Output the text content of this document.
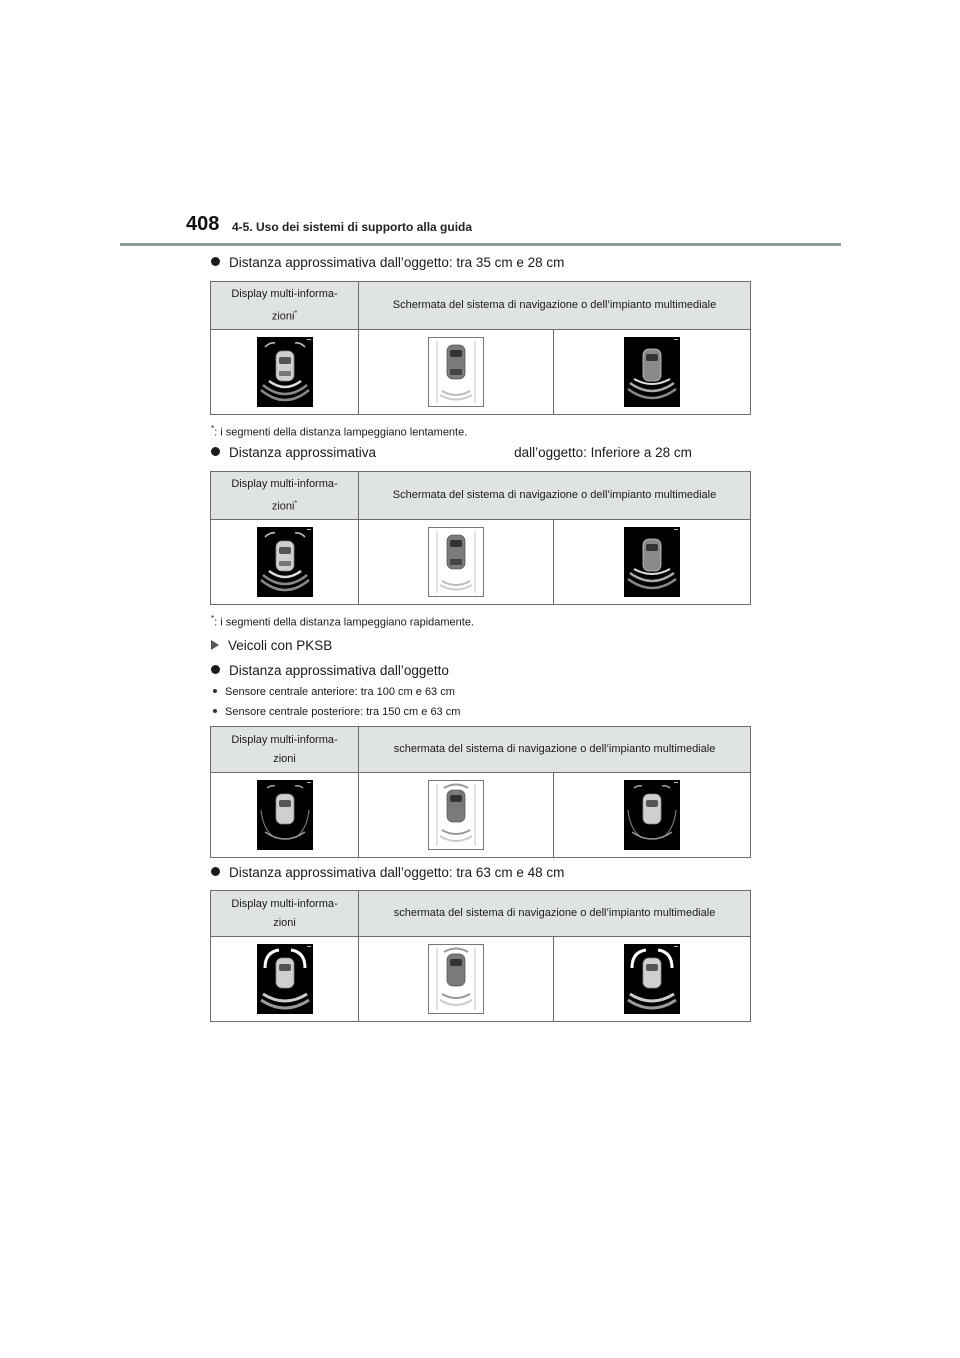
408 4-5. Uso dei sistemi di supporto alla guida
Distanza approssimativa dall’oggetto: tra 35 cm e 28 cm
Display multi-informa-
zioni*	Schermata del sistema di navigazione o dell’impianto multimediale	

*: i segmenti della distanza lampeggiano lentamente.
Distanza approssimativa	dall’oggetto: Inferiore a 28 cm
Display multi-informa-
zioni*	Schermata del sistema di navigazione o dell’impianto multimediale	

*: i segmenti della distanza lampeggiano rapidamente.
Veicoli con PKSB
Distanza approssimativa dall’oggetto
Sensore centrale anteriore: tra 100 cm e 63 cm
Sensore centrale posteriore: tra 150 cm e 63 cm
Display multi-informa-
zioni	schermata del sistema di navigazione o dell’impianto multimediale	

Distanza approssimativa dall’oggetto: tra 63 cm e 48 cm
Display multi-informa-
zioni	schermata del sistema di navigazione o dell’impianto multimediale	
